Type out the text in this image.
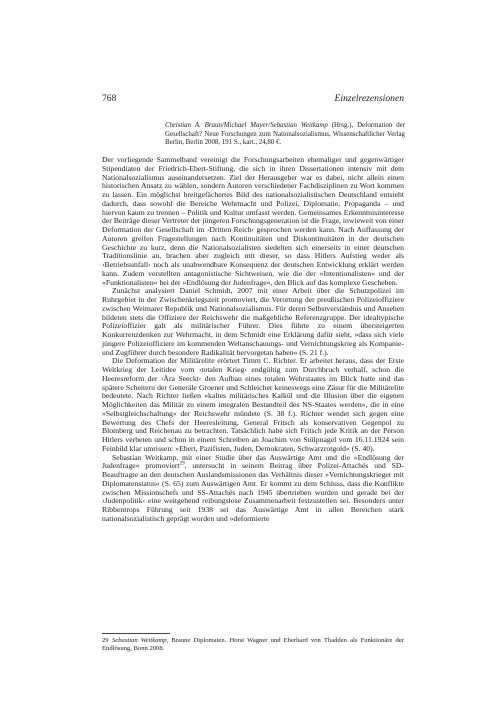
768	Einzelrezensionen
Christian A. Braun/Michael Mayer/Sebastian Weitkamp (Hrsg.), Deformation der Gesellschaft? Neue Forschungen zum Nationalsozialismus, Wissenschaftlicher Verlag Berlin, Berlin 2008, 191 S., kart., 24,80 €.

Der vorliegende Sammelband vereinigt die Forschungsarbeiten ehemaliger und gegenwärtiger Stipendiaten der Friedrich-Ebert-Stiftung, die sich in ihren Dissertationen intensiv mit dem Nationalsozialismus auseinandersetzen. Ziel der Herausgeber war es dabei, nicht allein einen historischen Ansatz zu wählen, sondern Autoren verschiedener Fachdisziplinen zu Wort kommen zu lassen. Ein möglichst breitgefächertes Bild des nationalsozialistischen Deutschland entsteht dadurch, dass sowohl die Bereiche Wehrmacht und Polizei, Diplomatie, Propaganda – und hiervon kaum zu trennen – Politik und Kultur umfasst werden. Gemeinsames Erkenntnisinteresse der Beiträge dieser Vertreter der jüngeren Forschungsgeneration ist die Frage, inwieweit von einer Deformation der Gesellschaft im ›Dritten Reich‹ gesprochen werden kann. Nach Auffassung der Autoren greifen Fragestellungen nach Kontinuitäten und Diskontinuitäten in der deutschen Geschichte zu kurz, denn die Nationalsozialisten siedelten sich einerseits in einer deutschen Traditionslinie an, brachen aber zugleich mit dieser, so dass Hitlers Aufstieg weder als ›Betriebsunfall‹ noch als unabwendbare Konsequenz der deutschen Entwicklung erklärt werden kann. Zudem verstellten antagonistische Sichtweisen, wie die der »Intentionalisten« und der »Funktionalisten« bei der »Endlösung der Judenfrage«, den Blick auf das komplexe Geschehen.

Zunächst analysiert Daniel Schmidt, 2007 mit einer Arbeit über die Schutzpolizei im Ruhrgebiet in der Zwischenkriegszeit promoviert, die Verortung der preußischen Polizeioffiziere zwischen Weimarer Republik und Nationalsozialismus. Für deren Selbstverständnis und Ansehen bildeten stets die Offiziere der Reichswehr die maßgebliche Referenzgruppe. Der idealtypische Polizeioffizier galt als militärischer Führer. Dies führte zu einem übersteigerten Konkurrenzdenken zur Wehrmacht, in dem Schmidt eine Erklärung dafür sieht, »dass sich viele jüngere Polizeioffiziere im kommenden Weltanschauungs- und Vernichtungskrieg als Kompanie- und Zugführer durch besondere Radikalität hervorgetan haben« (S. 21 f.).

Die Deformation der Militärelite erörtert Timm C. Richter. Er arbeitet heraus, dass der Erste Weltkrieg der Leitidee vom ›totalen Krieg‹ endgültig zum Durchbruch verhalf, schon die Heeresreform der ›Ära Seeckt‹ den Aufbau eines totalen Wehrstaates im Blick hatte und das spätere Scheitern der Generäle Groener und Schleicher keineswegs eine Zäsur für die Militärelite bedeutete. Nach Richter ließen »kaltes militärisches Kalkül und die Illusion über die eigenen Möglichkeiten das Militär zu einem integralen Bestandteil des NS-Staates werden«, die in eine »Selbstgleichschaltung« der Reichswehr mündete (S. 38 f.). Richter wendet sich gegen eine Bewertung des Chefs der Heeresleitung, General Fritsch als konservativen Gegenpol zu Blomberg und Reichenau zu betrachten. Tatsächlich habe sich Fritsch jede Kritik an der Person Hitlers verbeten und schon in einem Schreiben an Joachim von Stülpnagel vom 16.11.1924 sein Feinbild klar umrissen: »Ebert, Pazifisten, Juden, Demokraten, Schwarzrotgold« (S. 40).

Sebastian Weitkamp, mit einer Studie über das Auswärtige Amt und die »Endlösung der Judenfrage« promoviert$^{29}$, untersucht in seinem Beitrag über Polizei-Attachés und SD-Beauftragte an den deutschen Auslandsmissionen das Verhältnis dieser »Vernichtungskrieger mit Diplomatenstatus« (S. 65) zum Auswärtigen Amt. Er kommt zu dem Schluss, dass die Konflikte zwischen Missionschefs und SS-Attachés nach 1945 übertrieben wurden und gerade bei der ›Judenpolitik‹ eine weitgehend reibungslose Zusammenarbeit festzustellen sei. Besonders unter Ribbentrops Führung seit 1938 sei das Auswärtige Amt in allen Bereichen stark nationalsozialistisch geprägt worden und »deformierte

29 Sebastian Weitkamp, Braune Diplomaten. Horst Wagner und Eberhard von Thadden als Funktionäre der Endlösung, Bonn 2008.
